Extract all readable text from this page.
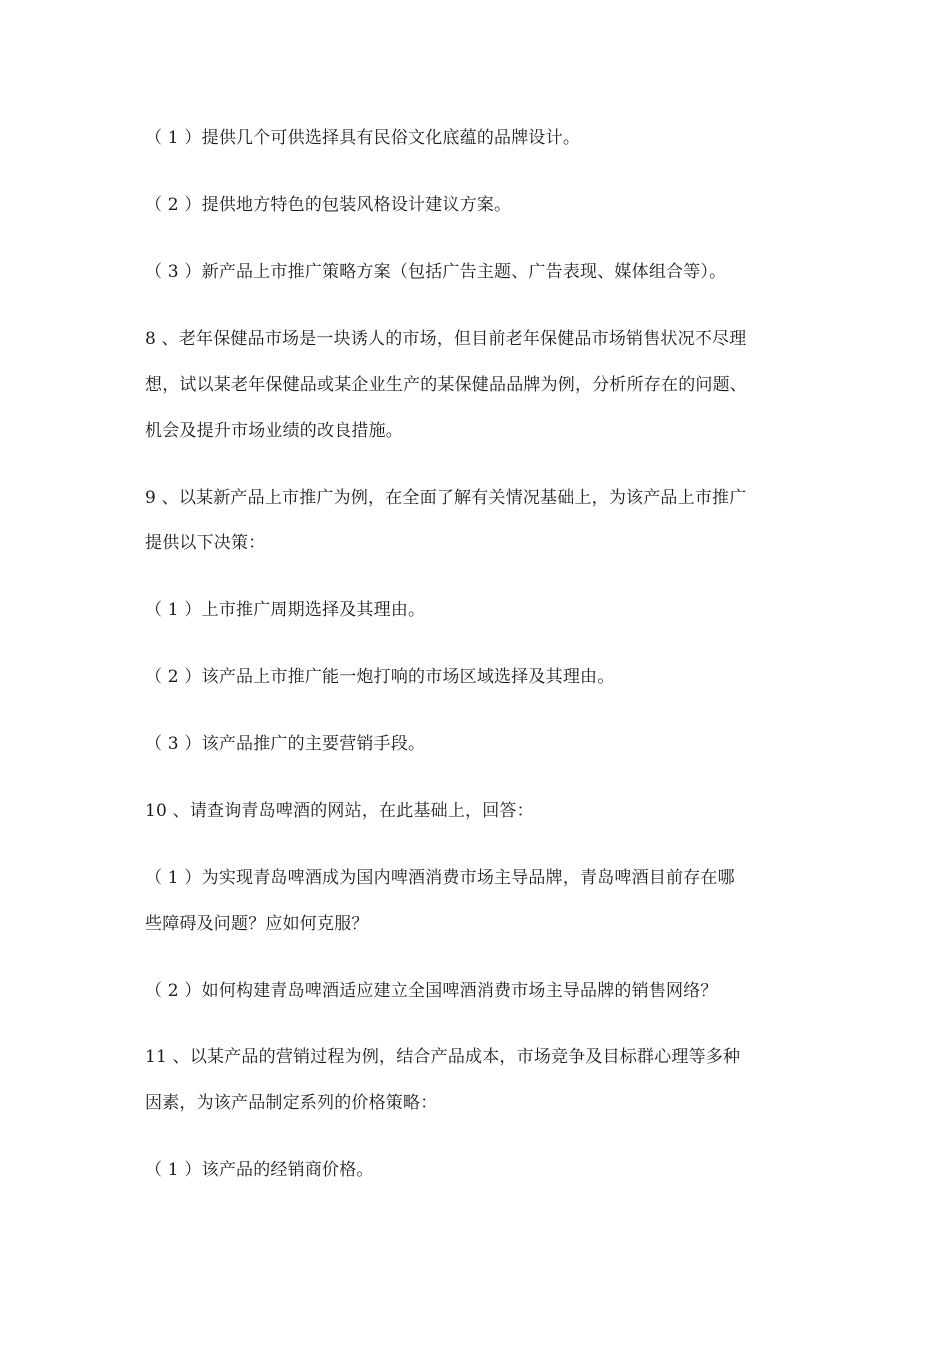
（ 1 ）提供几个可供选择具有民俗文化底蕴的品牌设计。
（ 2 ）提供地方特色的包装风格设计建议方案。
（ 3 ）新产品上市推广策略方案（包括广告主题、广告表现、媒体组合等）。
8 、老年保健品市场是一块诱人的市场，但目前老年保健品市场销售状况不尽理
想，试以某老年保健品或某企业生产的某保健品品牌为例，分析所存在的问题、
机会及提升市场业绩的改良措施。
9 、以某新产品上市推广为例，在全面了解有关情况基础上，为该产品上市推广
提供以下决策：
（ 1 ）上市推广周期选择及其理由。
（ 2 ）该产品上市推广能一炮打响的市场区域选择及其理由。
（ 3 ）该产品推广的主要营销手段。
10 、请查询青岛啤酒的网站，在此基础上，回答：
（ 1 ）为实现青岛啤酒成为国内啤酒消费市场主导品牌，青岛啤酒目前存在哪
些障碍及问题？应如何克服？
（ 2 ）如何构建青岛啤酒适应建立全国啤酒消费市场主导品牌的销售网络？
11 、以某产品的营销过程为例，结合产品成本，市场竞争及目标群心理等多种
因素，为该产品制定系列的价格策略：
（ 1 ）该产品的经销商价格。
